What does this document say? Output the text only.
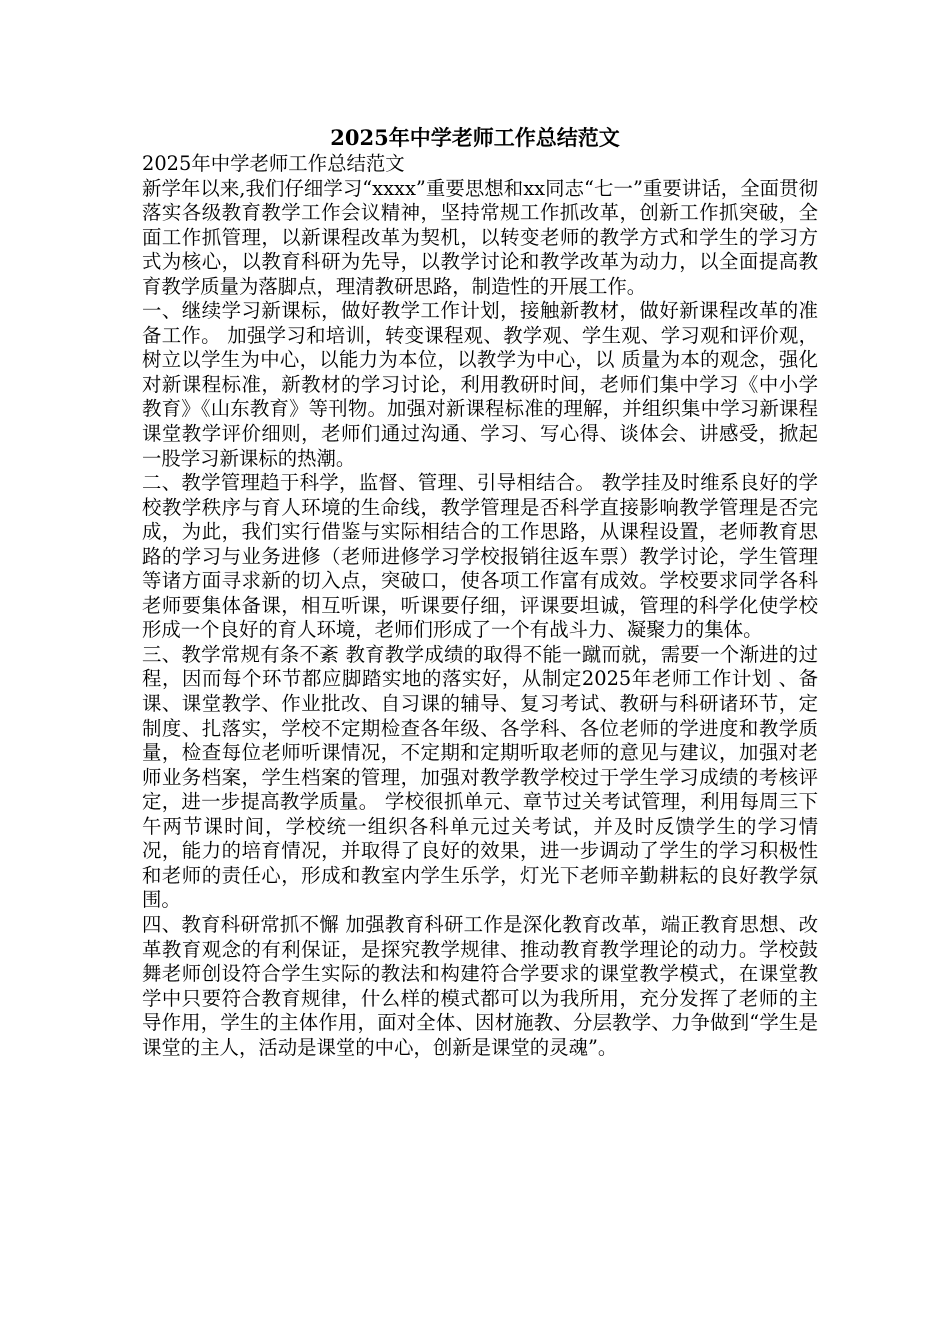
2025年中学老师工作总结范文

2025年中学老师工作总结范文

新学年以来,我们仔细学习“xxxx”重要思想和xx同志“七一”重要讲话，全面贯彻落实各级教育教学工作会议精神，坚持常规工作抓改革，创新工作抓突破，全面工作抓管理，以新课程改革为契机，以转变老师的教学方式和学生的学习方式为核心，以教育科研为先导，以教学讨论和教学改革为动力，以全面提高教育教学质量为落脚点，理清教研思路，制造性的开展工作。

一、继续学习新课标，做好教学工作计划，接触新教材，做好新课程改革的准备工作。 加强学习和培训，转变课程观、教学观、学生观、学习观和评价观，树立以学生为中心，以能力为本位，以教学为中心，以 质量为本的观念，强化对新课程标准，新教材的学习讨论，利用教研时间，老师们集中学习《中小学教育》《山东教育》等刊物。加强对新课程标准的理解，并组织集中学习新课程课堂教学评价细则，老师们通过沟通、学习、写心得、谈体会、讲感受，掀起一股学习新课标的热潮。

二、教学管理趋于科学，监督、管理、引导相结合。 教学挂及时维系良好的学校教学秩序与育人环境的生命线，教学管理是否科学直接影响教学管理是否完成，为此，我们实行借鉴与实际相结合的工作思路，从课程设置，老师教育思路的学习与业务进修（老师进修学习学校报销往返车票）教学讨论，学生管理等诸方面寻求新的切入点，突破口，使各项工作富有成效。学校要求同学各科老师要集体备课，相互听课，听课要仔细，评课要坦诚，管理的科学化使学校形成一个良好的育人环境，老师们形成了一个有战斗力、凝聚力的集体。

三、教学常规有条不紊 教育教学成绩的取得不能一蹴而就，需要一个渐进的过程，因而每个环节都应脚踏实地的落实好，从制定2025年老师工作计划 、备课、课堂教学、作业批改、自习课的辅导、复习考试、教研与科研诸环节，定制度、扎落实，学校不定期检查各年级、各学科、各位老师的学进度和教学质量，检查每位老师听课情况，不定期和定期听取老师的意见与建议，加强对老师业务档案，学生档案的管理，加强对教学教学校过于学生学习成绩的考核评定，进一步提高教学质量。 学校很抓单元、章节过关考试管理，利用每周三下午两节课时间，学校统一组织各科单元过关考试，并及时反馈学生的学习情况，能力的培育情况，并取得了良好的效果，进一步调动了学生的学习积极性和老师的责任心，形成和教室内学生乐学，灯光下老师辛勤耕耘的良好教学氛围。

四、教育科研常抓不懈 加强教育科研工作是深化教育改革，端正教育思想、改革教育观念的有利保证，是探究教学规律、推动教育教学理论的动力。学校鼓舞老师创设符合学生实际的教法和构建符合学要求的课堂教学模式，在课堂教学中只要符合教育规律，什么样的模式都可以为我所用，充分发挥了老师的主导作用，学生的主体作用，面对全体、因材施教、分层教学、力争做到“学生是课堂的主人，活动是课堂的中心，创新是课堂的灵魂”。
